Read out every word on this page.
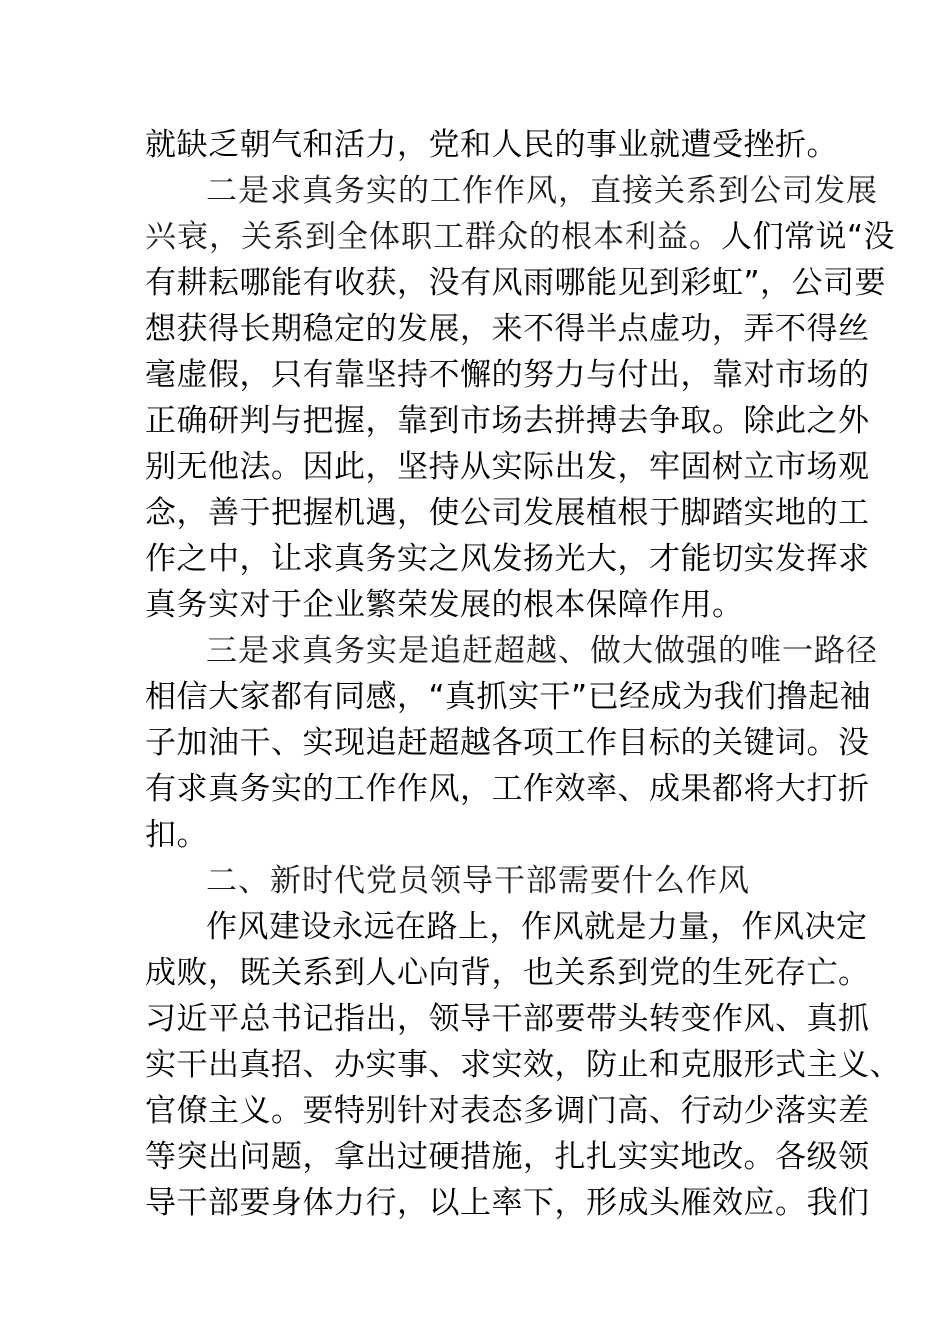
就缺乏朝气和活力，党和人民的事业就遭受挫折。
二是求真务实的工作作风，直接关系到公司发展
兴衰，关系到全体职工群众的根本利益。人们常说“没
有耕耘哪能有收获，没有风雨哪能见到彩虹”，公司要
想获得长期稳定的发展，来不得半点虚功，弄不得丝
毫虚假，只有靠坚持不懈的努力与付出，靠对市场的
正确研判与把握，靠到市场去拼搏去争取。除此之外
别无他法。因此，坚持从实际出发，牢固树立市场观
念，善于把握机遇，使公司发展植根于脚踏实地的工
作之中，让求真务实之风发扬光大，才能切实发挥求
真务实对于企业繁荣发展的根本保障作用。
三是求真务实是追赶超越、做大做强的唯一路径
相信大家都有同感，“真抓实干”已经成为我们撸起袖
子加油干、实现追赶超越各项工作目标的关键词。没
有求真务实的工作作风，工作效率、成果都将大打折
扣。
二、新时代党员领导干部需要什么作风
作风建设永远在路上，作风就是力量，作风决定
成败，既关系到人心向背，也关系到党的生死存亡。
习近平总书记指出，领导干部要带头转变作风、真抓
实干出真招、办实事、求实效，防止和克服形式主义、
官僚主义。要特别针对表态多调门高、行动少落实差
等突出问题，拿出过硬措施，扎扎实实地改。各级领
导干部要身体力行，以上率下，形成头雁效应。我们
